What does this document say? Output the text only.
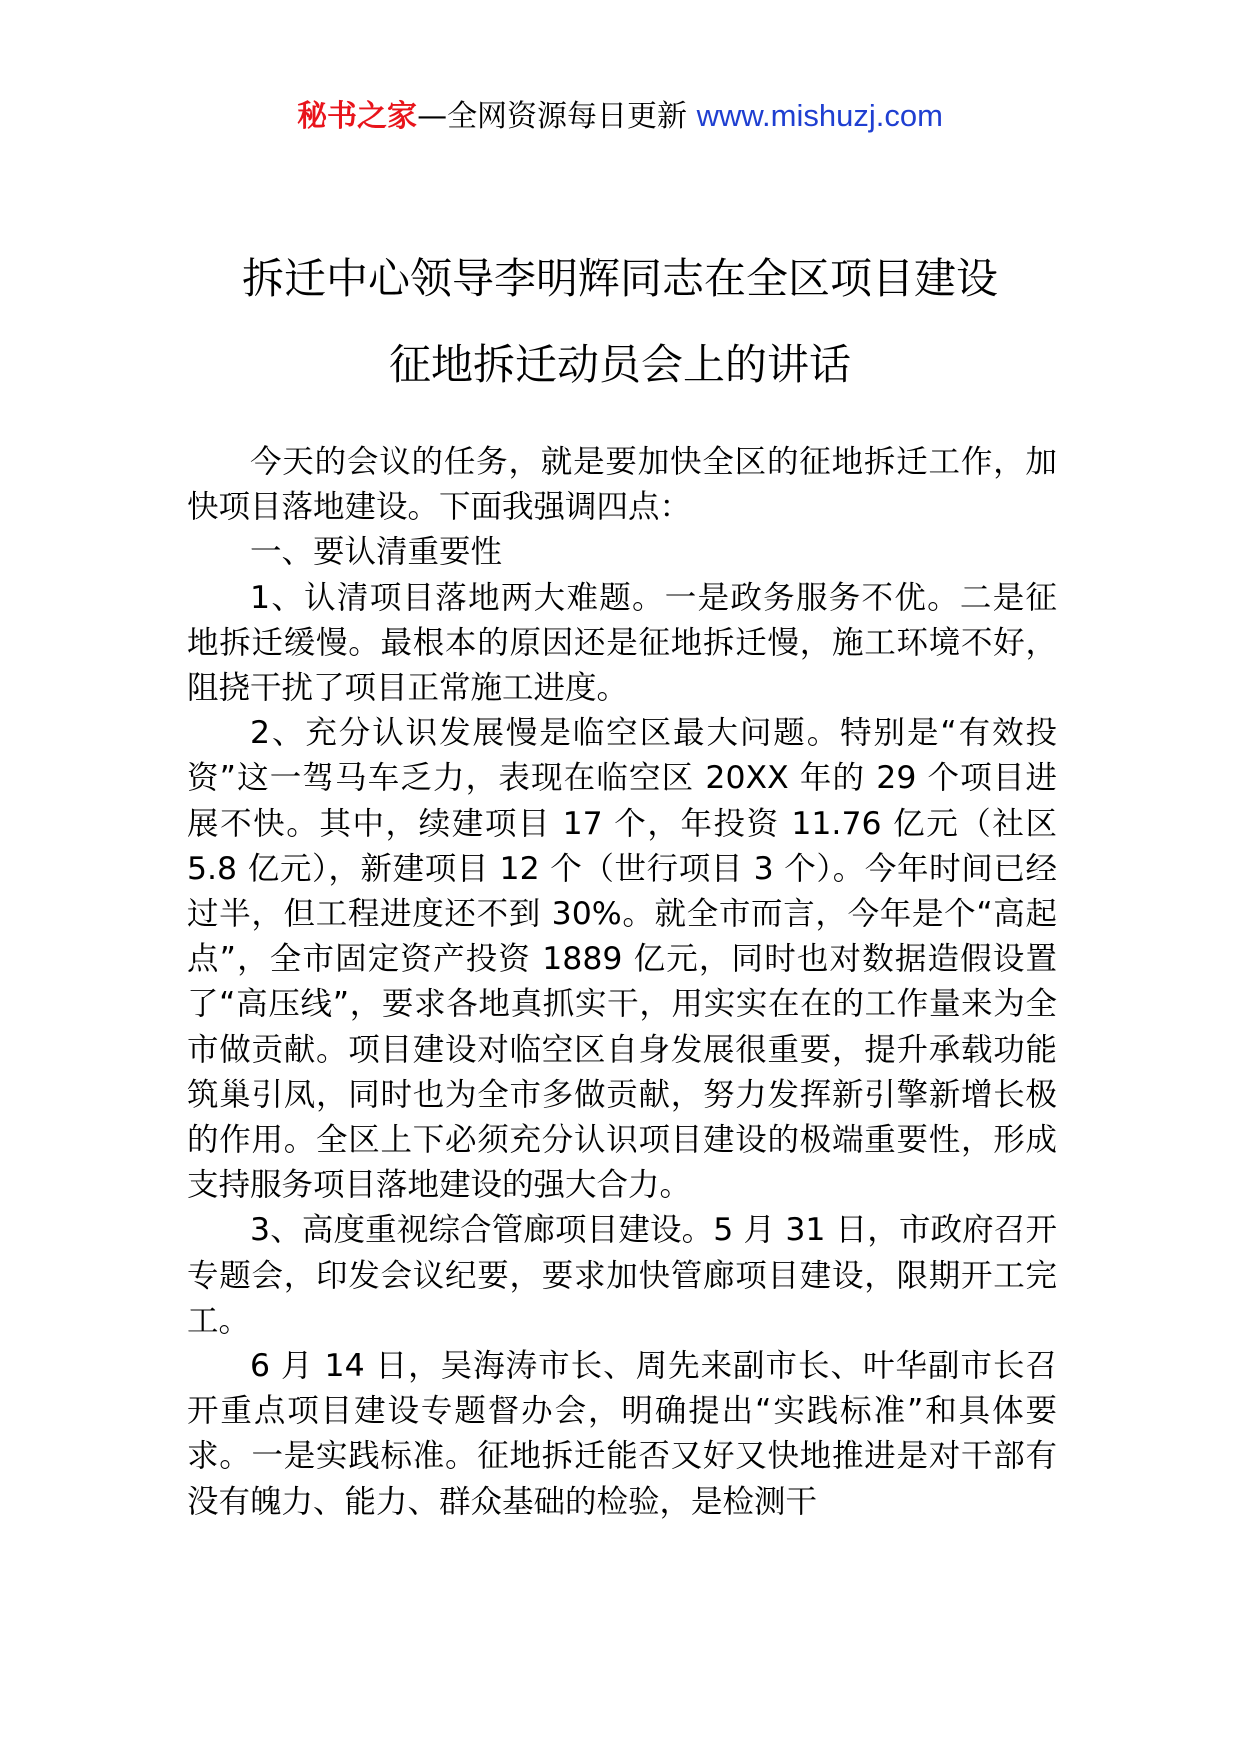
秘书之家—全网资源每日更新 www.mishuzj.com
拆迁中心领导李明辉同志在全区项目建设
征地拆迁动员会上的讲话

今天的会议的任务，就是要加快全区的征地拆迁工作，加快项目落地建设。下面我强调四点：

一、要认清重要性

1、认清项目落地两大难题。一是政务服务不优。二是征地拆迁缓慢。最根本的原因还是征地拆迁慢，施工环境不好，阻挠干扰了项目正常施工进度。

2、充分认识发展慢是临空区最大问题。特别是“有效投资”这一驾马车乏力，表现在临空区 20XX 年的 29 个项目进展不快。其中，续建项目 17 个，年投资 11.76 亿元（社区 5.8 亿元），新建项目 12 个（世行项目 3 个）。今年时间已经过半，但工程进度还不到 30%。就全市而言，今年是个“高起点”，全市固定资产投资 1889 亿元，同时也对数据造假设置了“高压线”，要求各地真抓实干，用实实在在的工作量来为全市做贡献。项目建设对临空区自身发展很重要，提升承载功能筑巢引凤，同时也为全市多做贡献，努力发挥新引擎新增长极的作用。全区上下必须充分认识项目建设的极端重要性，形成支持服务项目落地建设的强大合力。

3、高度重视综合管廊项目建设。5 月 31 日，市政府召开专题会，印发会议纪要，要求加快管廊项目建设，限期开工完工。

6 月 14 日，吴海涛市长、周先来副市长、叶华副市长召开重点项目建设专题督办会，明确提出“实践标准”和具体要求。一是实践标准。征地拆迁能否又好又快地推进是对干部有没有魄力、能力、群众基础的检验，是检测干
